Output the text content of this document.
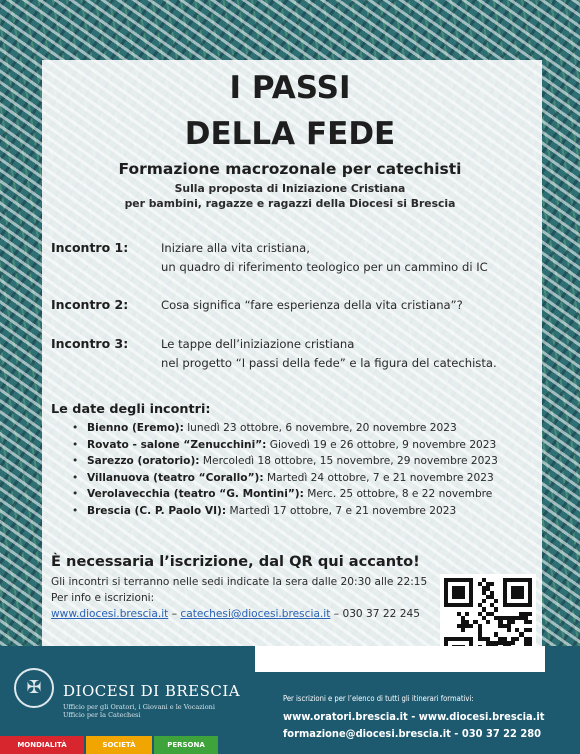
I PASSI
DELLA FEDE
Formazione macrozonale per catechisti
Sulla proposta di Iniziazione Cristiana
per bambini, ragazze e ragazzi della Diocesi si Brescia
Incontro 1:	Iniziare alla vita cristiana,
un quadro di riferimento teologico per un cammino di IC
Incontro 2:	Cosa significa “fare esperienza della vita cristiana”?
Incontro 3:	Le tappe dell’iniziazione cristiana
nel progetto “I passi della fede” e la figura del catechista.
Le date degli incontri:
• Bienno (Eremo): lunedì 23 ottobre, 6 novembre, 20 novembre 2023
• Rovato - salone “Zenucchini”: Giovedì 19 e 26 ottobre, 9 novembre 2023
• Sarezzo (oratorio): Mercoledì 18 ottobre, 15 novembre, 29 novembre 2023
• Villanuova (teatro “Corallo”): Martedì 24 ottobre, 7 e 21 novembre 2023
• Verolavecchia (teatro “G. Montini”): Merc. 25 ottobre, 8 e 22 novembre
• Brescia (C. P. Paolo VI): Martedì 17 ottobre, 7 e 21 novembre 2023
È necessaria l’iscrizione, dal QR qui accanto!
Gli incontri si terranno nelle sedi indicate la sera dalle 20:30 alle 22:15
Per info e iscrizioni:
www.diocesi.brescia.it – catechesi@diocesi.brescia.it – 030 37 22 245
✠	DIOCESI DI BRESCIA
Ufficio per gli Oratori, i Giovani e le Vocazioni
Ufficio per la Catechesi
Per iscrizioni e per l’elenco di tutti gli itinerari formativi:
www.oratori.brescia.it - www.diocesi.brescia.it
formazione@diocesi.brescia.it - 030 37 22 280
MONDIALITÀ	SOCIETÀ	PERSONA
